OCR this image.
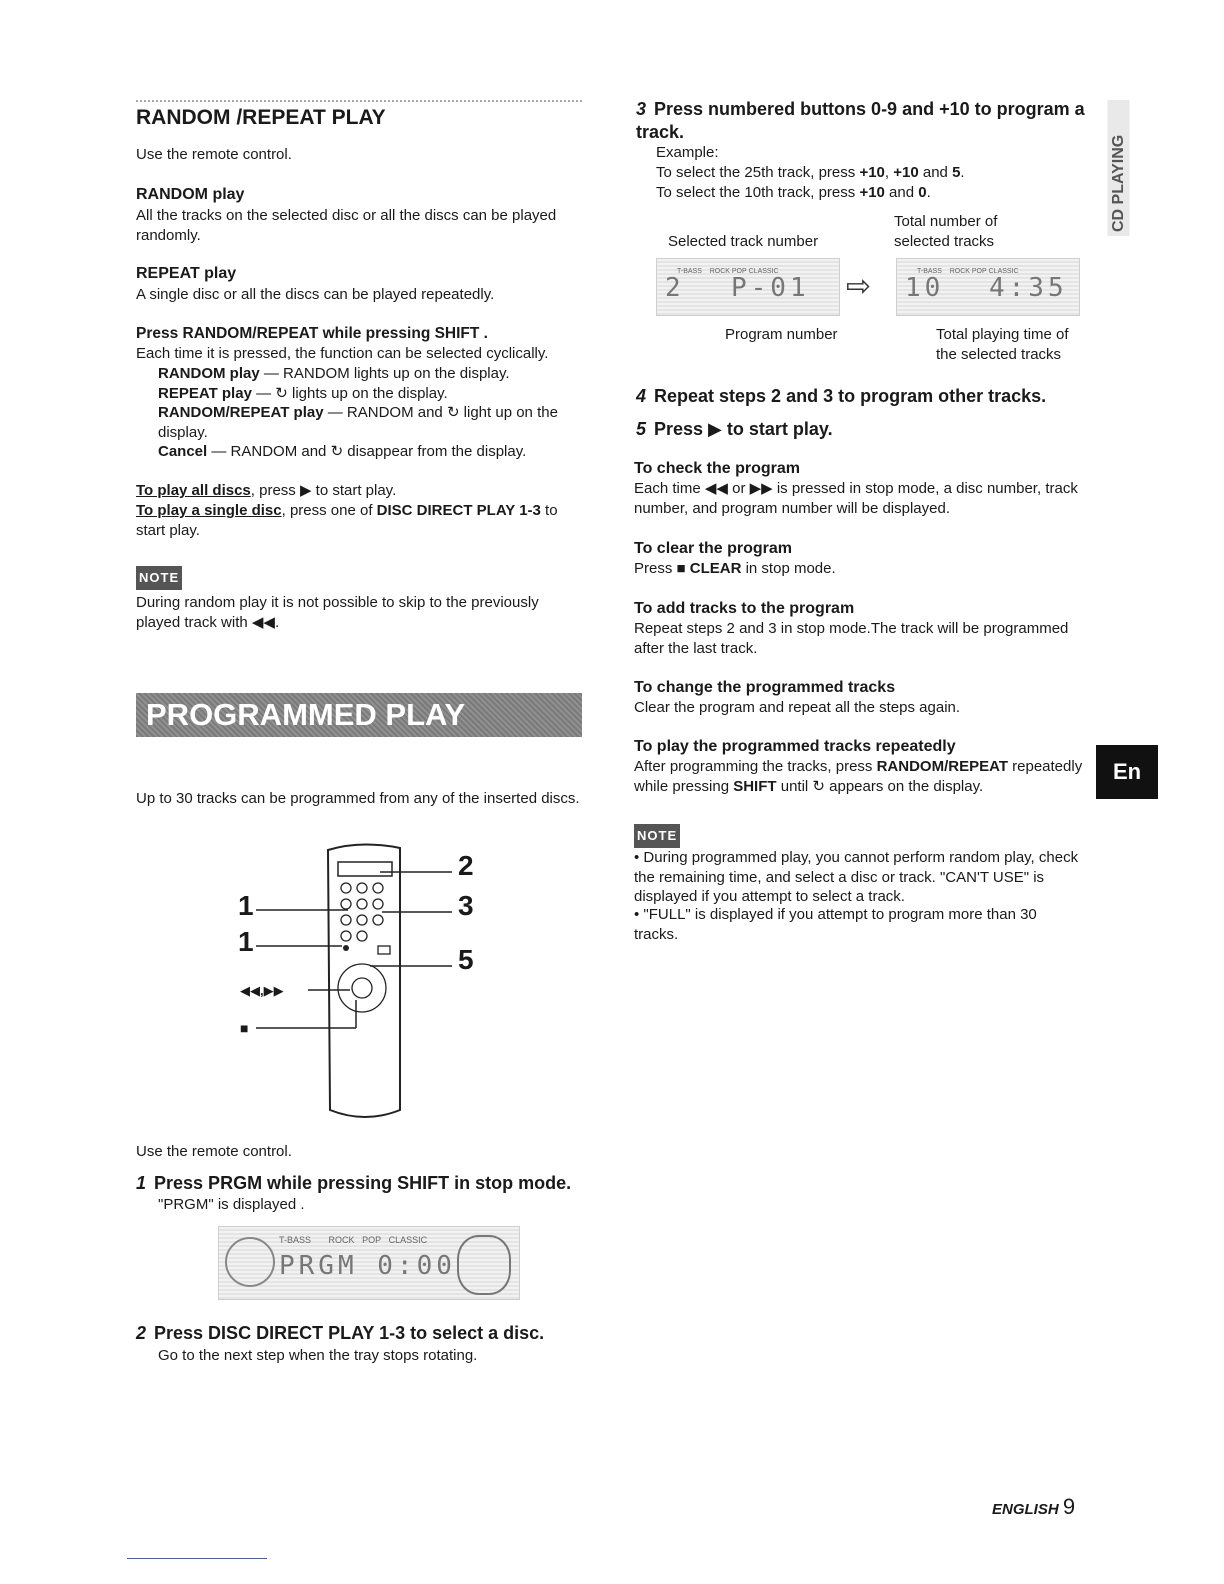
RANDOM /REPEAT PLAY
Use the remote control.
RANDOM play
All the tracks on the selected disc or all the discs can be played randomly.
REPEAT play
A single disc or all the discs can be played repeatedly.
Press RANDOM/REPEAT while pressing SHIFT .
Each time it is pressed, the function can be selected cyclically.
RANDOM play — RANDOM lights up on the display.
REPEAT play — ↻ lights up on the display.
RANDOM/REPEAT play — RANDOM and ↻ light up on the display.
Cancel — RANDOM and ↻ disappear from the display.
To play all discs, press ▶ to start play.
To play a single disc, press one of DISC DIRECT PLAY 1-3 to start play.
NOTE
During random play it is not possible to skip to the previously played track with ◀◀.
PROGRAMMED PLAY
Up to 30 tracks can be programmed from any of the inserted discs.
1
1
◀◀,▶▶
■
2
3
5
Use the remote control.
1 Press PRGM while pressing SHIFT in stop mode.
"PRGM" is displayed .
T-BASS ROCK POP CLASSIC
PRGM 0:00
2 Press DISC DIRECT PLAY 1-3 to select a disc.
Go to the next step when the tray stops rotating.
3 Press numbered buttons 0-9 and +10 to program a track.
Example:
To select the 25th track, press +10, +10 and 5.
To select the 10th track, press +10 and 0.
Total number of
selected tracks
Selected track number
T-BASS ROCK POP CLASSIC
2 P-01 ⇨	T-BASS ROCK POP CLASSIC
10 4:35
Program number	Total playing time of
the selected tracks
4 Repeat steps 2 and 3 to program other tracks.
5 Press ▶ to start play.
To check the program
Each time ◀◀ or ▶▶ is pressed in stop mode, a disc number, track number, and program number will be displayed.
To clear the program
Press ■ CLEAR in stop mode.
To add tracks to the program
Repeat steps 2 and 3 in stop mode.The track will be programmed after the last track.
To change the programmed tracks
Clear the program and repeat all the steps again.
To play the programmed tracks repeatedly
After programming the tracks, press RANDOM/REPEAT repeatedly while pressing SHIFT until ↻ appears on the display.
NOTE
• During programmed play, you cannot perform random play, check the remaining time, and select a disc or track. "CAN'T USE" is displayed if you attempt to select a track.
• "FULL" is displayed if you attempt to program more than 30 tracks.
CD PLAYING
En
ENGLISH 9
